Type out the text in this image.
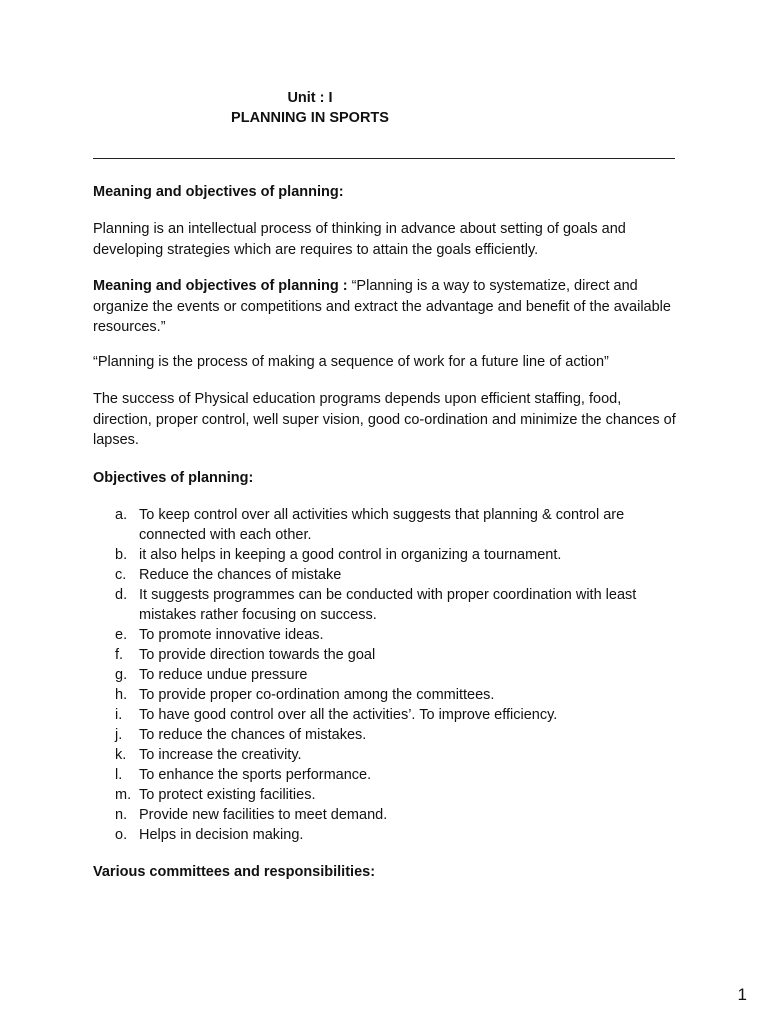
Unit : I
PLANNING IN SPORTS

Meaning and objectives of planning:

Planning is an intellectual process of thinking in advance about setting of goals and developing strategies which are requires to attain the goals efficiently.

Meaning and objectives of planning : “Planning is a way to systematize, direct and organize the events or competitions and extract the advantage and benefit of the available resources.”

“Planning is the process of making a sequence of work for a future line of action”

The success of Physical education programs depends upon efficient staffing, food, direction, proper control, well super vision, good co-ordination and minimize the chances of lapses.

Objectives of planning:

a. To keep control over all activities which suggests that planning & control are connected with each other.
b. it also helps in keeping a good control in organizing a tournament.
c. Reduce the chances of mistake
d. It suggests programmes can be conducted with proper coordination with least mistakes rather focusing on success.
e. To promote innovative ideas.
f. To provide direction towards the goal
g. To reduce undue pressure
h. To provide proper co-ordination among the committees.
i. To have good control over all the activities’. To improve efficiency.
j. To reduce the chances of mistakes.
k. To increase the creativity.
l. To enhance the sports performance.
m. To protect existing facilities.
n. Provide new facilities to meet demand.
o. Helps in decision making.

Various committees and responsibilities:

1
